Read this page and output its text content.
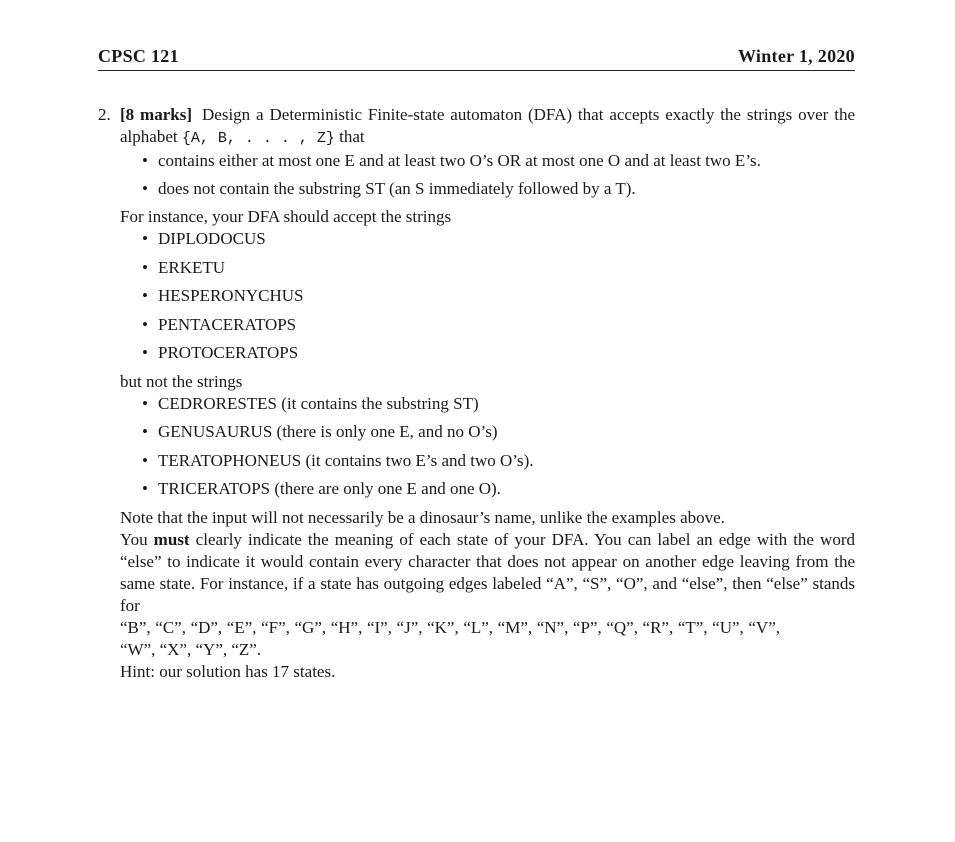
CPSC 121	Winter 1, 2020
2. [8 marks] Design a Deterministic Finite-state automaton (DFA) that accepts exactly the strings over the alphabet {A, B, . . . , Z} that

• contains either at most one E and at least two O’s OR at most one O and at least two E’s.
• does not contain the substring ST (an S immediately followed by a T).

For instance, your DFA should accept the strings

• DIPLODOCUS
• ERKETU
• HESPERONYCHUS
• PENTACERATOPS
• PROTOCERATOPS

but not the strings

• CEDRORESTES (it contains the substring ST)
• GENUSAURUS (there is only one E, and no O’s)
• TERATOPHONEUS (it contains two E’s and two O’s).
• TRICERATOPS (there are only one E and one O).

Note that the input will not necessarily be a dinosaur’s name, unlike the examples above.

You must clearly indicate the meaning of each state of your DFA. You can label an edge with the word “else” to indicate it would contain every character that does not appear on another edge leaving from the same state. For instance, if a state has outgoing edges labeled “A”, “S”, “O”, and “else”, then “else” stands for

“B”, “C”, “D”, “E”, “F”, “G”, “H”, “I”, “J”, “K”, “L”, “M”, “N”, “P”, “Q”, “R”, “T”, “U”, “V”, “W”, “X”, “Y”, “Z”.

Hint: our solution has 17 states.
